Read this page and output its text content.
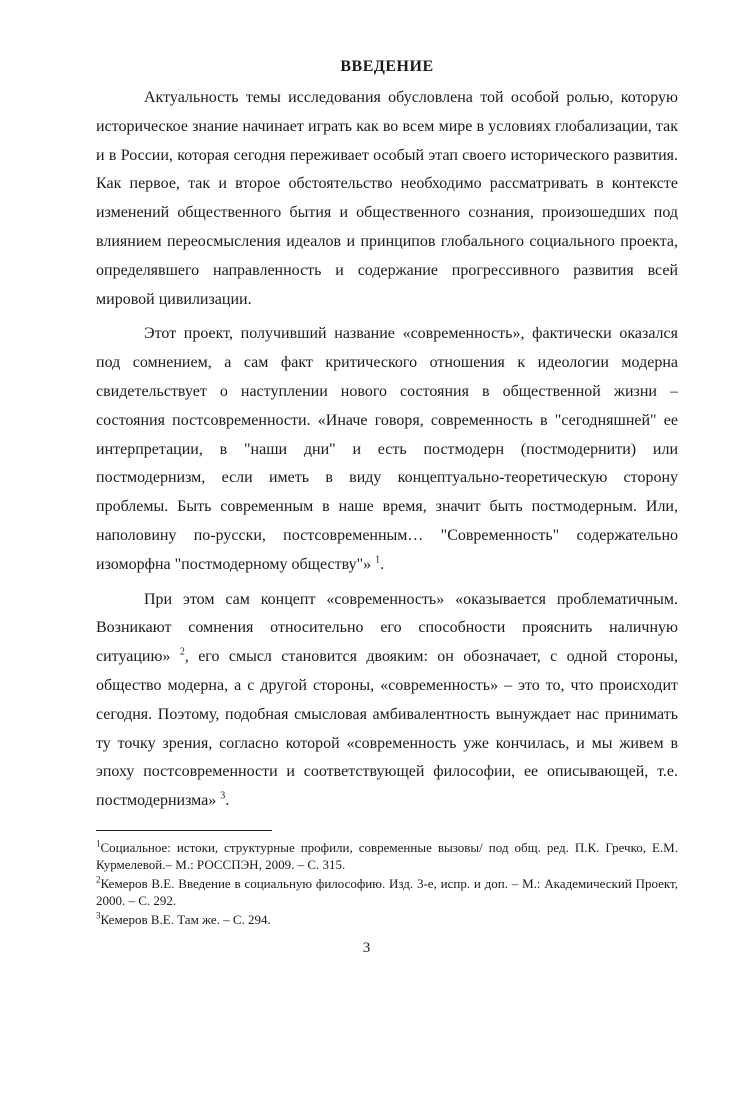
ВВЕДЕНИЕ

Актуальность темы исследования обусловлена той особой ролью, которую историческое знание начинает играть как во всем мире в условиях глобализации, так и в России, которая сегодня переживает особый этап своего исторического развития. Как первое, так и второе обстоятельство необходимо рассматривать в контексте изменений общественного бытия и общественного сознания, произошедших под влиянием переосмысления идеалов и принципов глобального социального проекта, определявшего направленность и содержание прогрессивного развития всей мировой цивилизации.

Этот проект, получивший название «современность», фактически оказался под сомнением, а сам факт критического отношения к идеологии модерна свидетельствует о наступлении нового состояния в общественной жизни – состояния постсовременности. «Иначе говоря, современность в "сегодняшней" ее интерпретации, в "наши дни" и есть постмодерн (постмодернити) или постмодернизм, если иметь в виду концептуально-теоретическую сторону проблемы. Быть современным в наше время, значит быть постмодерным. Или, наполовину по-русски, постсовременным… "Современность" содержательно изоморфна "постмодерному обществу"» $^1$.

При этом сам концепт «современность» «оказывается проблематичным. Возникают сомнения относительно его способности прояснить наличную ситуацию» $^2$, его смысл становится двояким: он обозначает, с одной стороны, общество модерна, а с другой стороны, «современность» – это то, что происходит сегодня. Поэтому, подобная смысловая амбивалентность вынуждает нас принимать ту точку зрения, согласно которой «современность уже кончилась, и мы живем в эпоху постсовременности и соответствующей философии, ее описывающей, т.е. постмодернизма» $^3$.

$^1$Социальное: истоки, структурные профили, современные вызовы/ под общ. ред. П.К. Гречко, Е.М. Курмелевой.– М.: РОССПЭН, 2009. – С. 315.

$^2$Кемеров В.Е. Введение в социальную философию. Изд. 3-е, испр. и доп. – М.: Академический Проект, 2000. – С. 292.

$^3$Кемеров В.Е. Там же. – С. 294.

3
